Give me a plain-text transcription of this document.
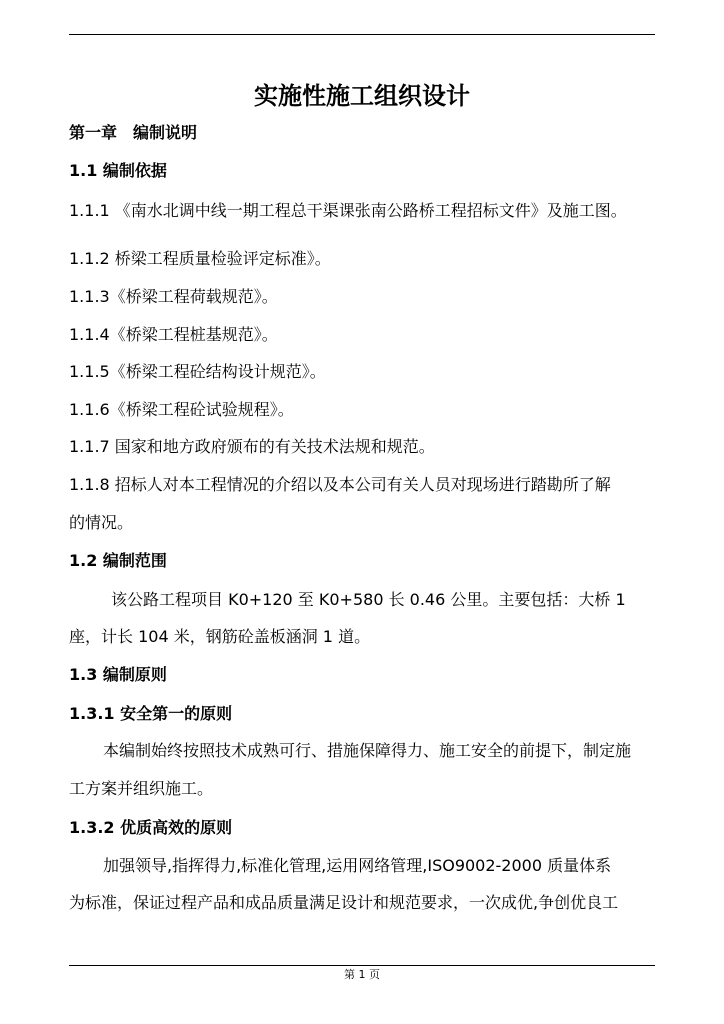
实施性施工组织设计
第一章　编制说明
1.1 编制依据
1.1.1 《南水北调中线一期工程总干渠课张南公路桥工程招标文件》及施工图。
1.1.2 桥梁工程质量检验评定标准》。
1.1.3《桥梁工程荷载规范》。
1.1.4《桥梁工程桩基规范》。
1.1.5《桥梁工程砼结构设计规范》。
1.1.6《桥梁工程砼试验规程》。
1.1.7 国家和地方政府颁布的有关技术法规和规范。
1.1.8 招标人对本工程情况的介绍以及本公司有关人员对现场进行踏勘所了解
的情况。
1.2 编制范围
该公路工程项目 K0+120 至 K0+580 长 0.46 公里。主要包括：大桥 1
座，计长 104 米，钢筋砼盖板涵洞 1 道。
1.3 编制原则
1.3.1 安全第一的原则
本编制始终按照技术成熟可行、措施保障得力、施工安全的前提下，制定施
工方案并组织施工。
1.3.2 优质高效的原则
加强领导,指挥得力,标准化管理,运用网络管理,ISO9002-2000 质量体系
为标准，保证过程产品和成品质量满足设计和规范要求，一次成优,争创优良工
第 1 页
